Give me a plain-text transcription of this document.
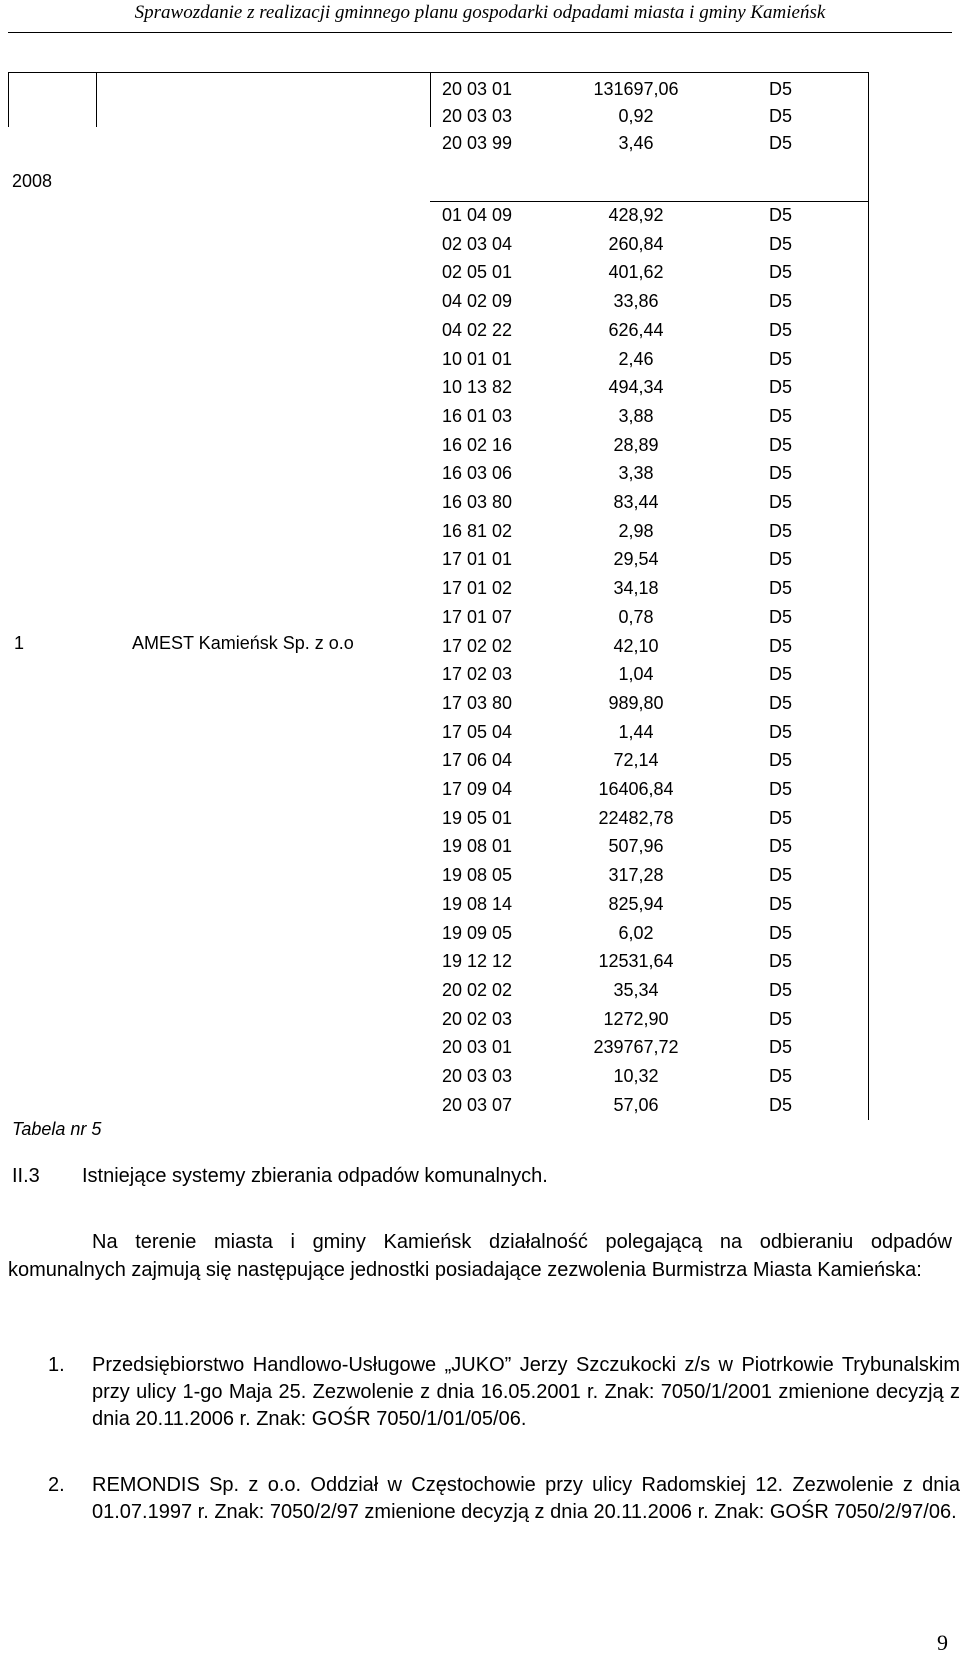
Sprawozdanie z realizacji gminnego planu gospodarki odpadami miasta i gminy Kamieńsk
2008
1	AMEST Kamieńsk Sp. z o.o
Tabela nr 5
20 03 01	131697,06	D5
20 03 03	0,92	D5
20 03 99	3,46	D5
01 04 09	428,92	D5
02 03 04	260,84	D5
02 05 01	401,62	D5
04 02 09	33,86	D5
04 02 22	626,44	D5
10 01 01	2,46	D5
10 13 82	494,34	D5
16 01 03	3,88	D5
16 02 16	28,89	D5
16 03 06	3,38	D5
16 03 80	83,44	D5
16 81 02	2,98	D5
17 01 01	29,54	D5
17 01 02	34,18	D5
17 01 07	0,78	D5
17 02 02	42,10	D5
17 02 03	1,04	D5
17 03 80	989,80	D5
17 05 04	1,44	D5
17 06 04	72,14	D5
17 09 04	16406,84	D5
19 05 01	22482,78	D5
19 08 01	507,96	D5
19 08 05	317,28	D5
19 08 14	825,94	D5
19 09 05	6,02	D5
19 12 12	12531,64	D5
20 02 02	35,34	D5
20 02 03	1272,90	D5
20 03 01	239767,72	D5
20 03 03	10,32	D5
20 03 07	57,06	D5
II.3 Istniejące systemy zbierania odpadów komunalnych.
Na terenie miasta i gminy Kamieńsk działalność polegającą na odbieraniu odpadów komunalnych zajmują się następujące jednostki posiadające zezwolenia Burmistrza Miasta Kamieńska:
1. Przedsiębiorstwo Handlowo-Usługowe „JUKO” Jerzy Szczukocki z/s w Piotrkowie Trybunalskim przy ulicy 1-go Maja 25. Zezwolenie z dnia 16.05.2001 r. Znak: 7050/1/2001 zmienione decyzją z dnia 20.11.2006 r. Znak: GOŚR 7050/1/01/05/06.
2. REMONDIS Sp. z o.o. Oddział w Częstochowie przy ulicy Radomskiej 12. Zezwolenie z dnia 01.07.1997 r. Znak: 7050/2/97 zmienione decyzją z dnia 20.11.2006 r. Znak: GOŚR 7050/2/97/06.
9
